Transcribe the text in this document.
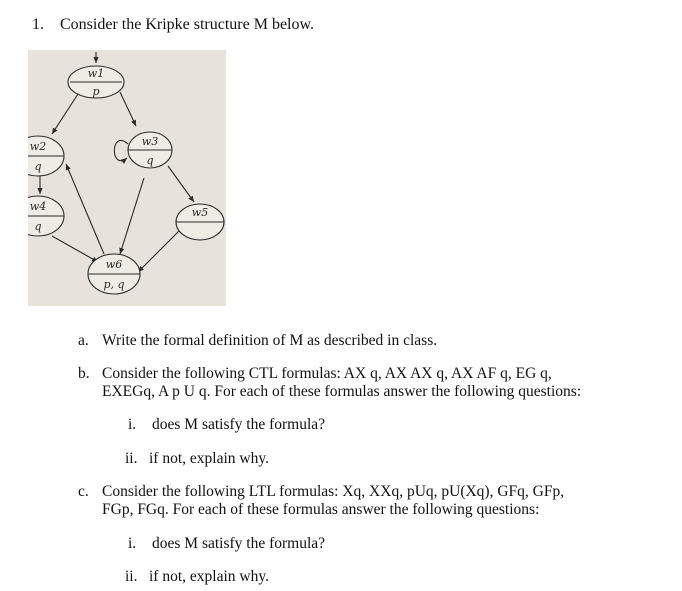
1. Consider the Kripke structure M below.
w1
p
w2
q
w3
q
w4
q
w5
w6
p, q
a. Write the formal definition of M as described in class.
b. Consider the following CTL formulas: AX q, AX AX q, AX AF q, EG q,
EXEGq, A p U q. For each of these formulas answer the following questions:
i. does M satisfy the formula?
ii. if not, explain why.
c. Consider the following LTL formulas: Xq, XXq, pUq, pU(Xq), GFq, GFp,
FGp, FGq. For each of these formulas answer the following questions:
i. does M satisfy the formula?
ii. if not, explain why.
